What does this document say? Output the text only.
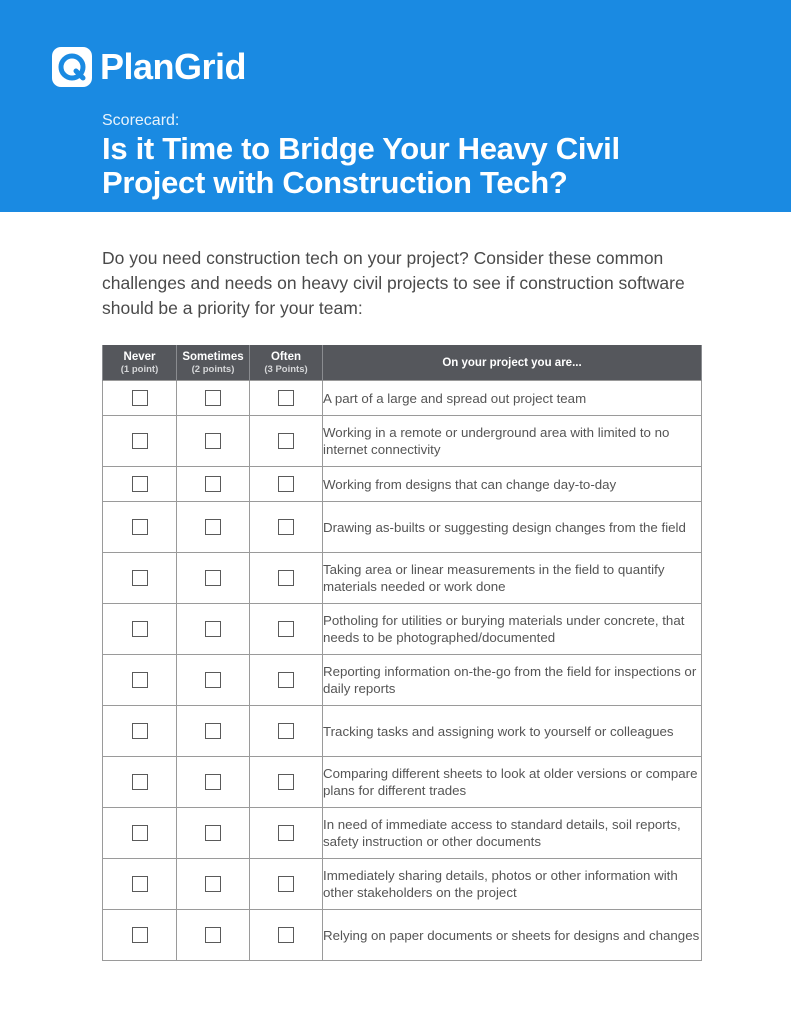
PlanGrid
Scorecard:
Is it Time to Bridge Your Heavy Civil
Project with Construction Tech?

Do you need construction tech on your project? Consider these common challenges and needs on heavy civil projects to see if construction software should be a priority for your team:

Never
(1 point)	Sometimes
(2 points)	Often
(3 Points)	On your project you are...
			A part of a large and spread out project team
			Working in a remote or underground area with limited to no internet connectivity
			Working from designs that can change day-to-day
			Drawing as-builts or suggesting design changes from the field
			Taking area or linear measurements in the field to quantify materials needed or work done
			Potholing for utilities or burying materials under concrete, that needs to be photographed/documented
			Reporting information on-the-go from the field for inspections or daily reports
			Tracking tasks and assigning work to yourself or colleagues
			Comparing different sheets to look at older versions or compare plans for different trades
			In need of immediate access to standard details, soil reports, safety instruction or other documents
			Immediately sharing details, photos or other information with other stakeholders on the project
			Relying on paper documents or sheets for designs and changes
